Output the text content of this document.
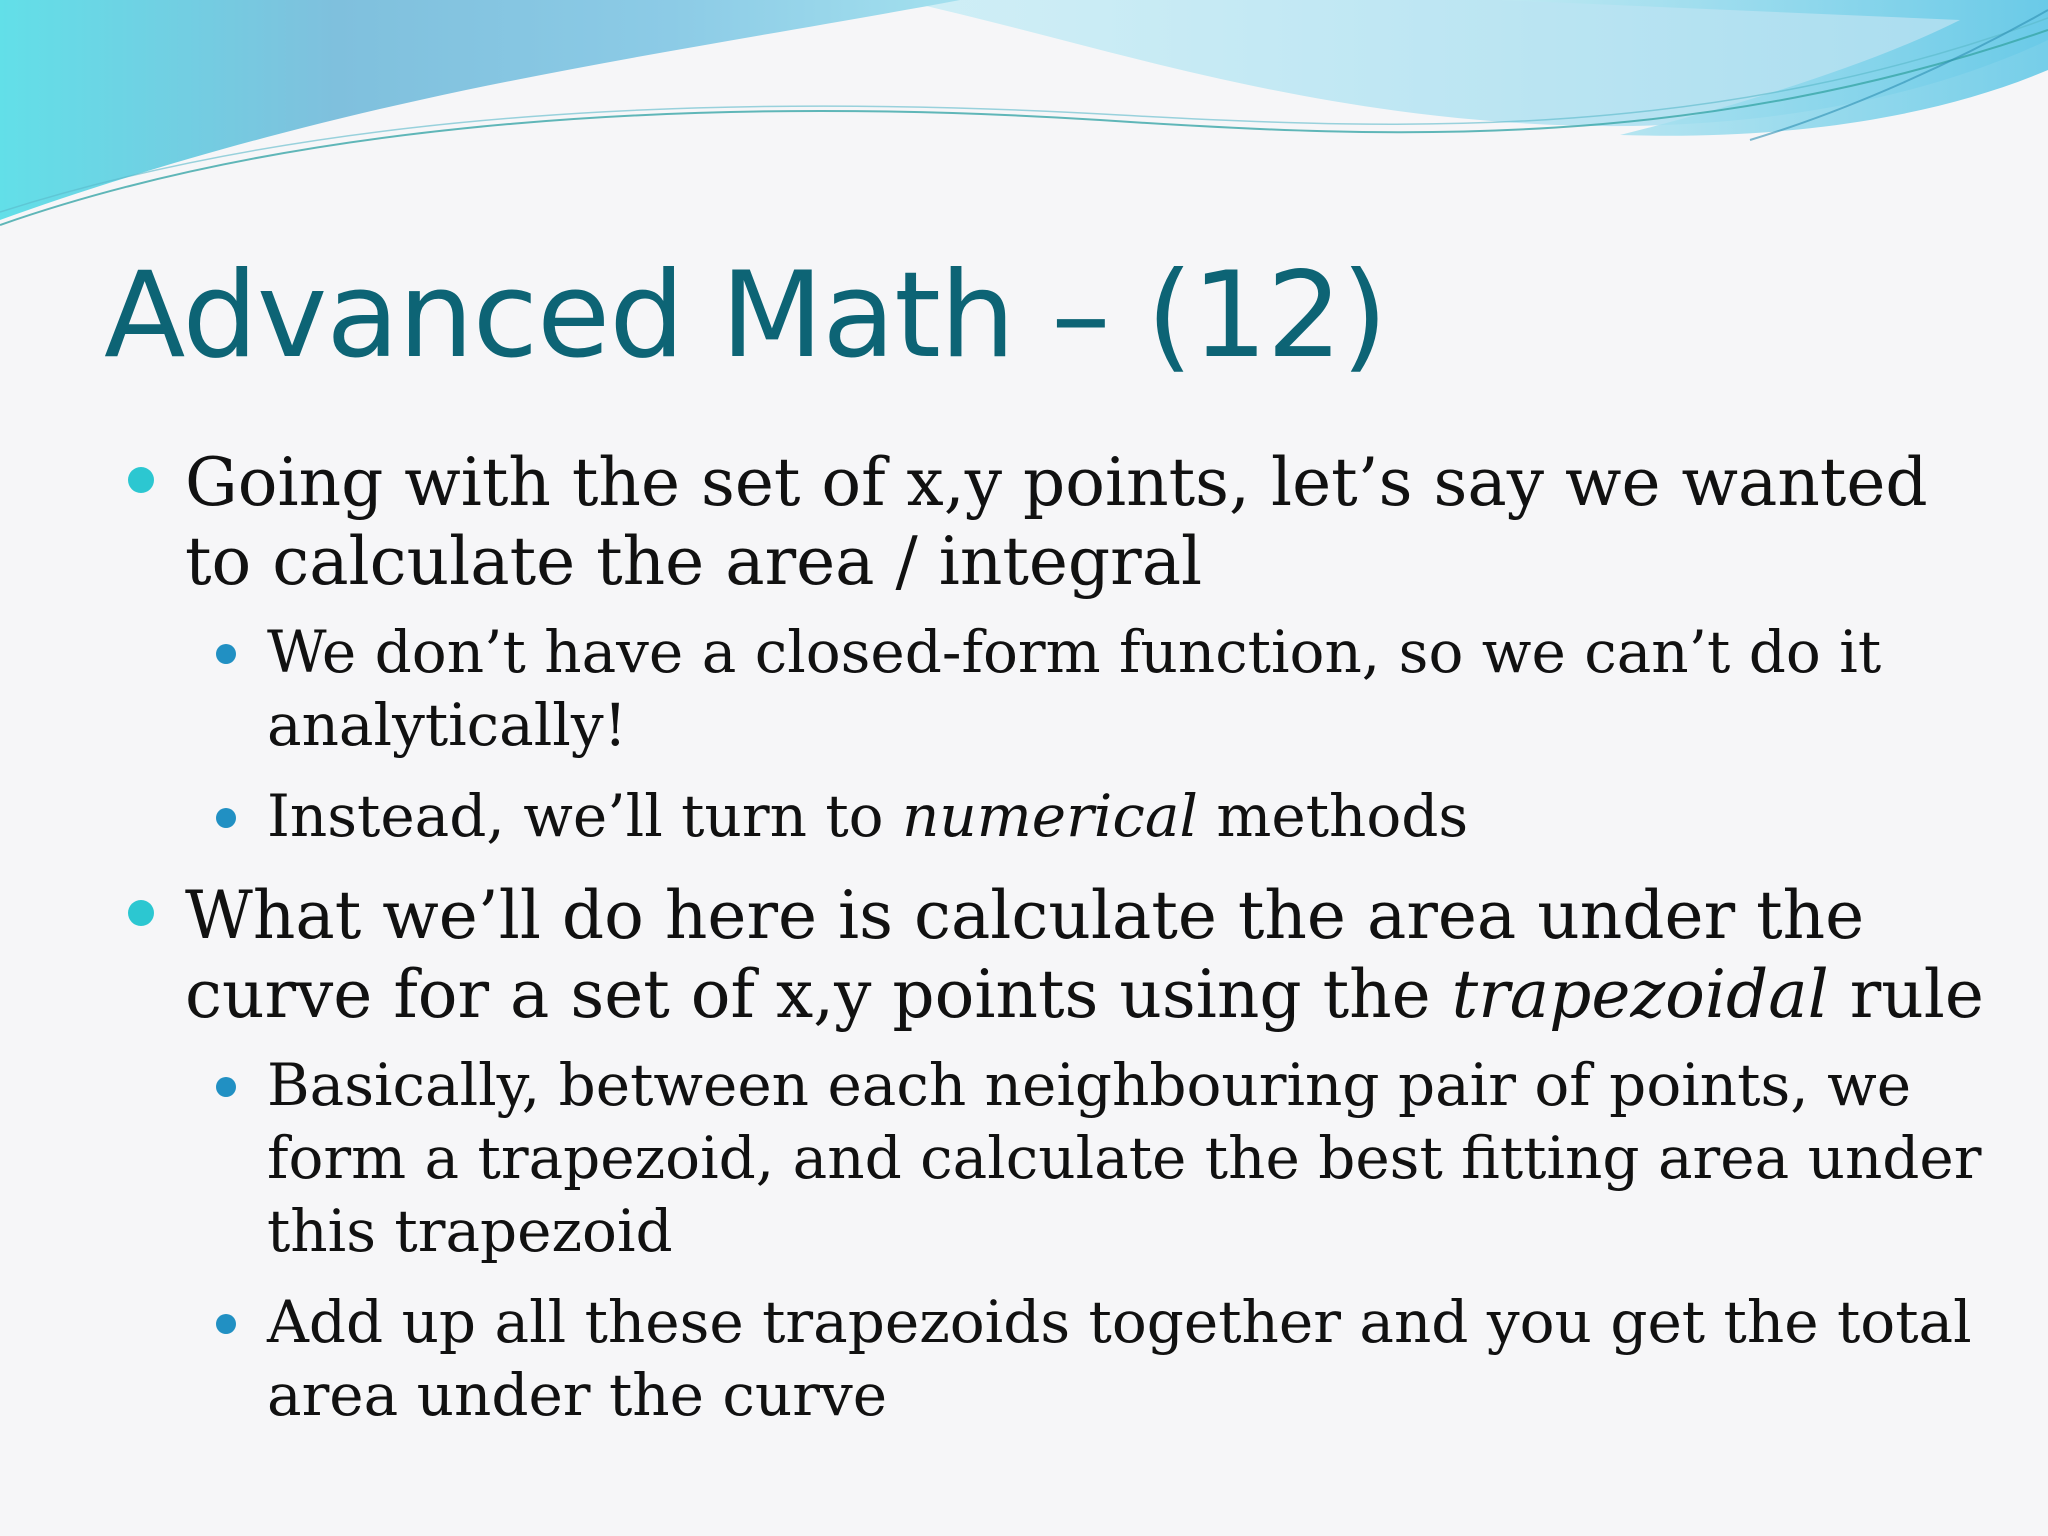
Advanced Math – (12)

Going with the set of x,y points, let’s say we wanted to calculate the area / integral

We don’t have a closed-form function, so we can’t do it analytically!

Instead, we’ll turn to numerical methods

What we’ll do here is calculate the area under the curve for a set of x,y points using the trapezoidal rule

Basically, between each neighbouring pair of points, we form a trapezoid, and calculate the best fitting area under this trapezoid

Add up all these trapezoids together and you get the total area under the curve
